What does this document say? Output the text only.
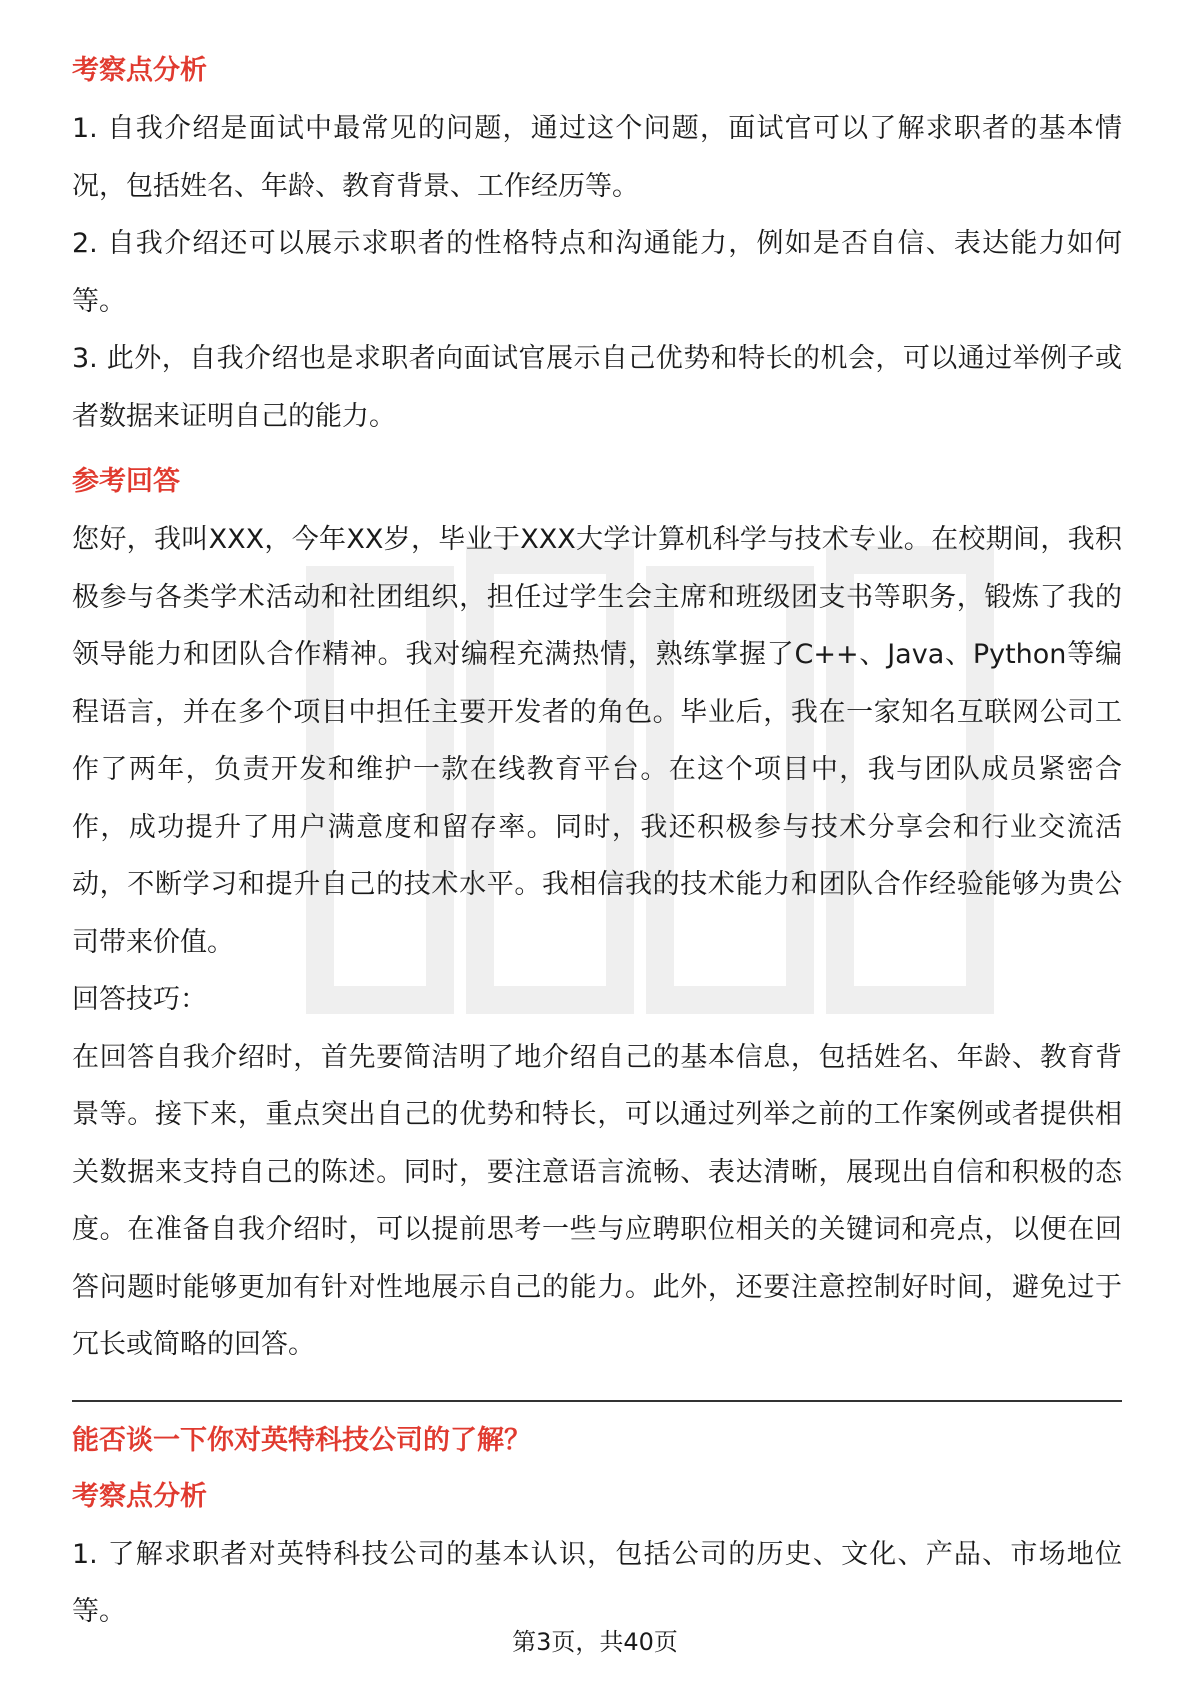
考察点分析

1. 自我介绍是面试中最常见的问题，通过这个问题，面试官可以了解求职者的基本情况，包括姓名、年龄、教育背景、工作经历等。

2. 自我介绍还可以展示求职者的性格特点和沟通能力，例如是否自信、表达能力如何等。

3. 此外，自我介绍也是求职者向面试官展示自己优势和特长的机会，可以通过举例子或者数据来证明自己的能力。

参考回答

您好，我叫XXX，今年XX岁，毕业于XXX大学计算机科学与技术专业。在校期间，我积极参与各类学术活动和社团组织，担任过学生会主席和班级团支书等职务，锻炼了我的领导能力和团队合作精神。我对编程充满热情，熟练掌握了C++、Java、Python等编程语言，并在多个项目中担任主要开发者的角色。毕业后，我在一家知名互联网公司工作了两年，负责开发和维护一款在线教育平台。在这个项目中，我与团队成员紧密合作，成功提升了用户满意度和留存率。同时，我还积极参与技术分享会和行业交流活动，不断学习和提升自己的技术水平。我相信我的技术能力和团队合作经验能够为贵公司带来价值。

回答技巧：

在回答自我介绍时，首先要简洁明了地介绍自己的基本信息，包括姓名、年龄、教育背景等。接下来，重点突出自己的优势和特长，可以通过列举之前的工作案例或者提供相关数据来支持自己的陈述。同时，要注意语言流畅、表达清晰，展现出自信和积极的态度。在准备自我介绍时，可以提前思考一些与应聘职位相关的关键词和亮点，以便在回答问题时能够更加有针对性地展示自己的能力。此外，还要注意控制好时间，避免过于冗长或简略的回答。

能否谈一下你对英特科技公司的了解？

考察点分析

1. 了解求职者对英特科技公司的基本认识，包括公司的历史、文化、产品、市场地位等。

第3页，共40页
